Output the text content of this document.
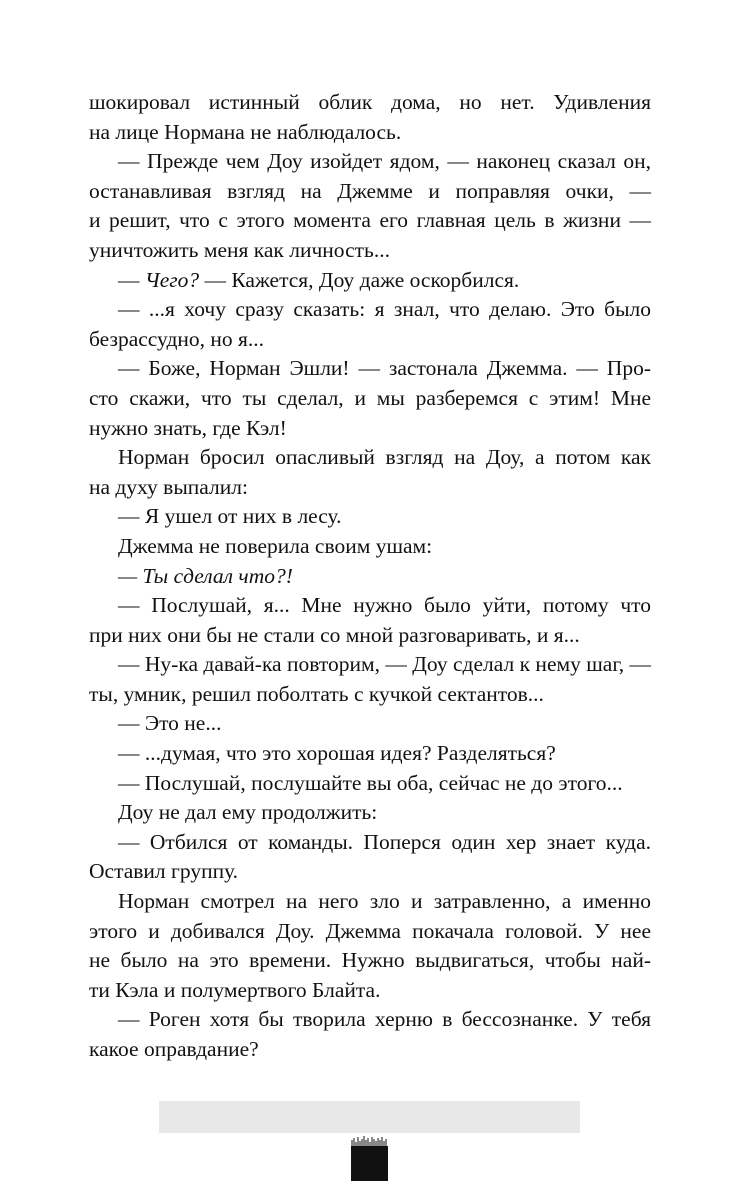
шокировал истинный облик дома, но нет. Удивления
на лице Нормана не наблюдалось.
— Прежде чем Доу изойдет ядом, — наконец сказал он,
останавливая взгляд на Джемме и поправляя очки, —
и решит, что с этого момента его главная цель в жизни —
уничтожить меня как личность...
— Чего? — Кажется, Доу даже оскорбился.
— ...я хочу сразу сказать: я знал, что делаю. Это было
безрассудно, но я...
— Боже, Норман Эшли! — застонала Джемма. — Про-
сто скажи, что ты сделал, и мы разберемся с этим! Мне
нужно знать, где Кэл!
Норман бросил опасливый взгляд на Доу, а потом как
на духу выпалил:
— Я ушел от них в лесу.
Джемма не поверила своим ушам:
— Ты сделал что?!
— Послушай, я... Мне нужно было уйти, потому что
при них они бы не стали со мной разговаривать, и я...
— Ну-ка давай-ка повторим, — Доу сделал к нему шаг, —
ты, умник, решил поболтать с кучкой сектантов...
— Это не...
— ...думая, что это хорошая идея? Разделяться?
— Послушай, послушайте вы оба, сейчас не до этого...
Доу не дал ему продолжить:
— Отбился от команды. Поперся один хер знает куда.
Оставил группу.
Норман смотрел на него зло и затравленно, а именно
этого и добивался Доу. Джемма покачала головой. У нее
не было на это времени. Нужно выдвигаться, чтобы най-
ти Кэла и полумертвого Блайта.
— Роген хотя бы творила херню в бессознанке. У тебя
какое оправдание?
